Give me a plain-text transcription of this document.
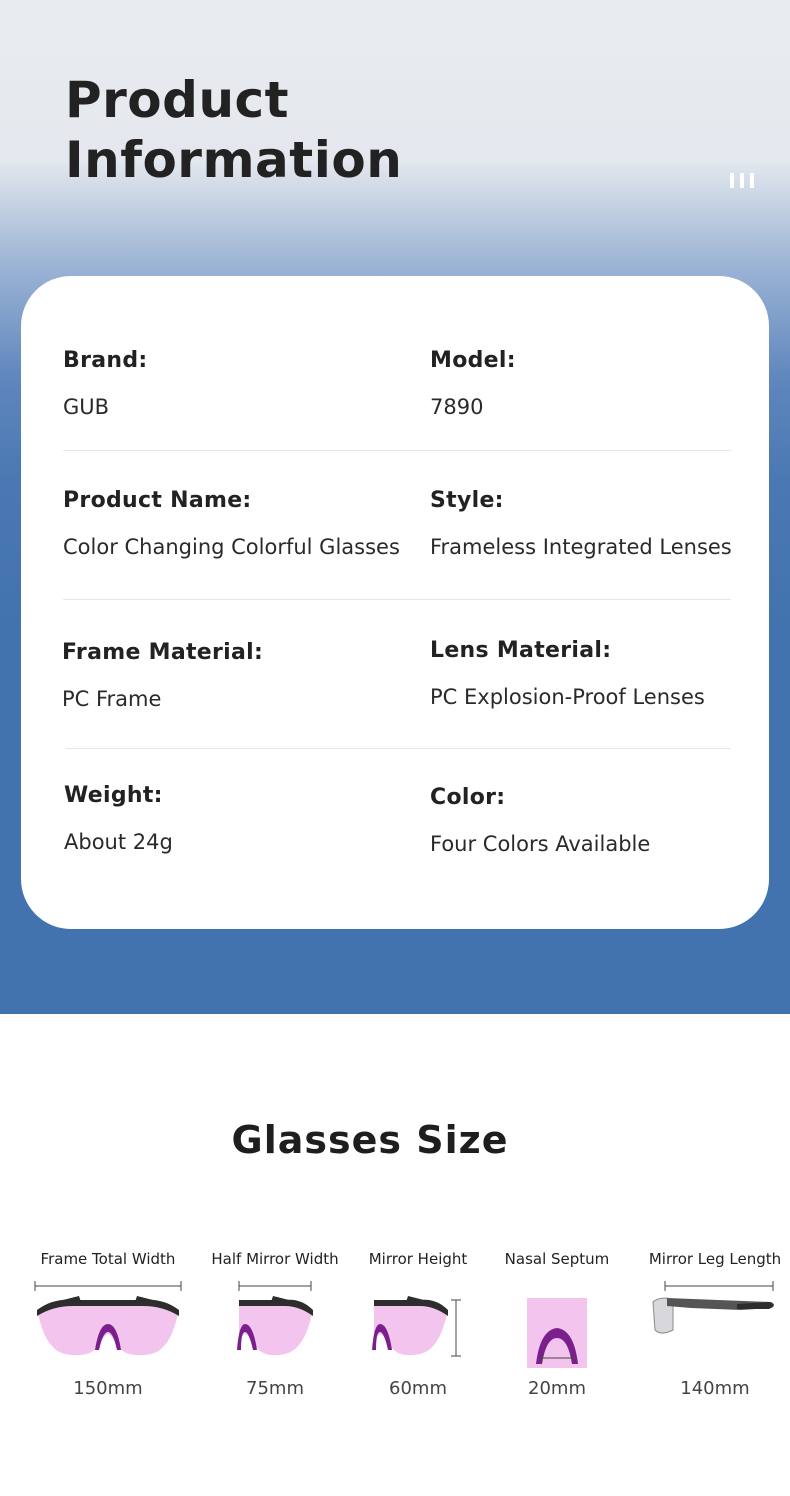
Product
Information
Brand:
GUB
Model:
7890
Product Name:
Color Changing Colorful Glasses
Style:
Frameless Integrated Lenses
Frame Material:
PC Frame
Lens Material:
PC Explosion-Proof Lenses
Weight:
About 24g
Color:
Four Colors Available
Glasses Size
Frame Total Width
150mm
Half Mirror Width
75mm
Mirror Height
60mm
Nasal Septum
20mm
Mirror Leg Length
140mm
